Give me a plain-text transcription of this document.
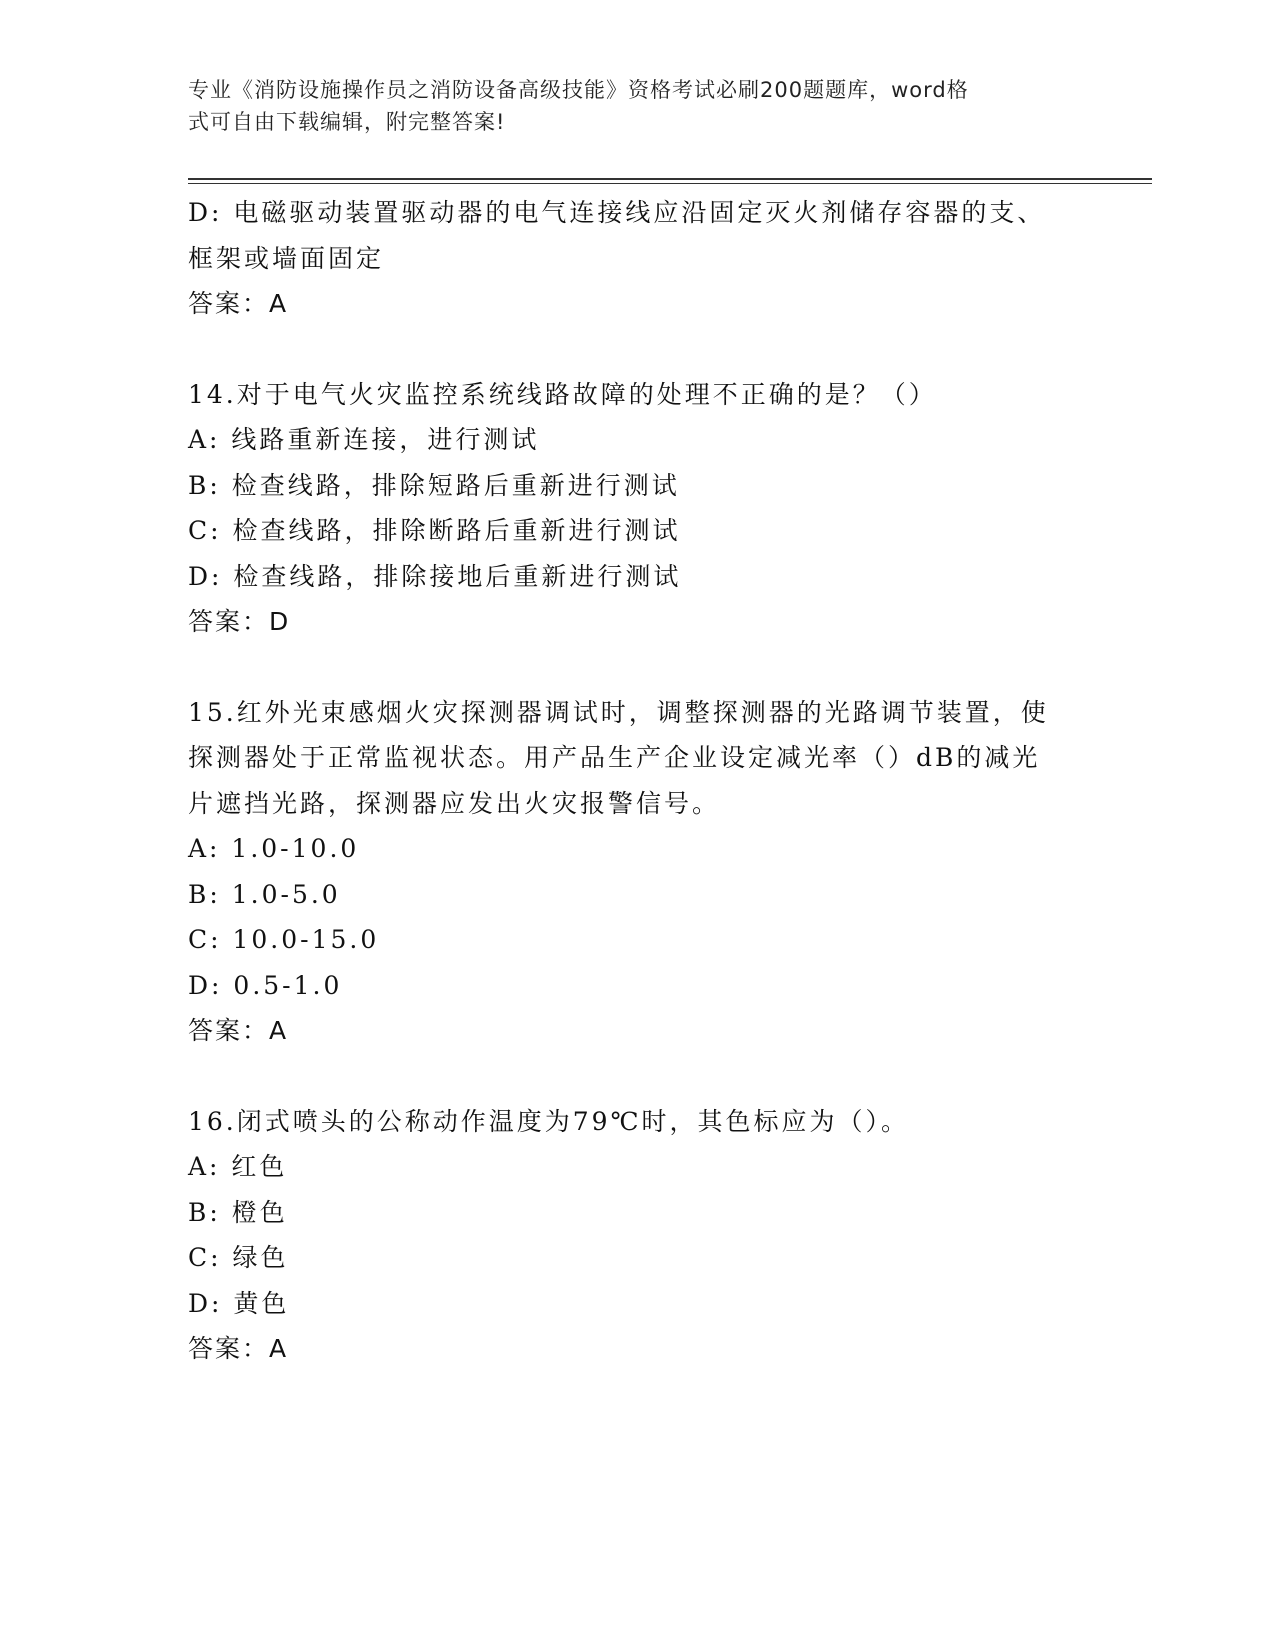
专业《消防设施操作员之消防设备高级技能》资格考试必刷200题题库，word格
式可自由下载编辑，附完整答案!
D: 电磁驱动装置驱动器的电气连接线应沿固定灭火剂储存容器的支、
框架或墙面固定
答案：A
14.对于电气火灾监控系统线路故障的处理不正确的是？（）
A: 线路重新连接，进行测试
B: 检查线路，排除短路后重新进行测试
C: 检查线路，排除断路后重新进行测试
D: 检查线路，排除接地后重新进行测试
答案：D
15.红外光束感烟火灾探测器调试时，调整探测器的光路调节装置，使
探测器处于正常监视状态。用产品生产企业设定减光率（）dB的减光
片遮挡光路，探测器应发出火灾报警信号。
A: 1.0-10.0
B: 1.0-5.0
C: 10.0-15.0
D: 0.5-1.0
答案：A
16.闭式喷头的公称动作温度为79℃时，其色标应为（）。
A: 红色
B: 橙色
C: 绿色
D: 黄色
答案：A
